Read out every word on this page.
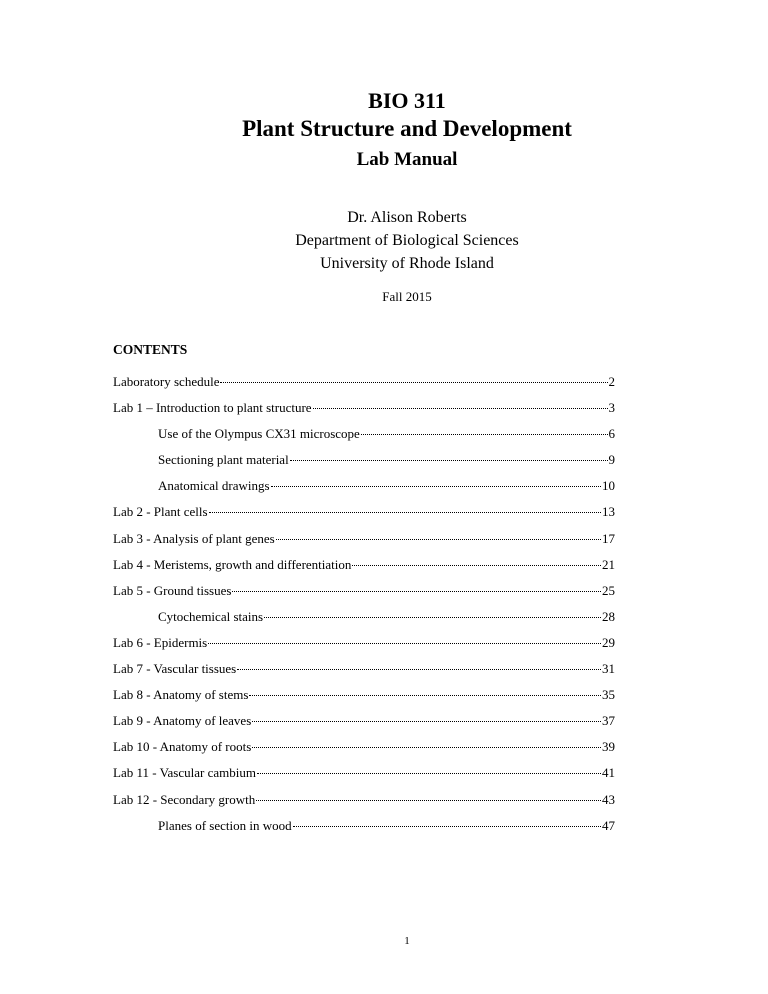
BIO 311
Plant Structure and Development
Lab Manual
Dr. Alison Roberts
Department of Biological Sciences
University of Rhode Island
Fall 2015
CONTENTS
Laboratory schedule	2
Lab 1 – Introduction to plant structure	3
Use of the Olympus CX31 microscope	6
Sectioning plant material	9
Anatomical drawings	10
Lab 2 - Plant cells	13
Lab 3 - Analysis of plant genes	17
Lab 4 - Meristems, growth and differentiation	21
Lab 5 - Ground tissues	25
Cytochemical stains	28
Lab 6 - Epidermis	29
Lab 7 - Vascular tissues	31
Lab 8 - Anatomy of stems	35
Lab 9 - Anatomy of leaves	37
Lab 10 - Anatomy of roots	39
Lab 11 - Vascular cambium	41
Lab 12 - Secondary growth	43
Planes of section in wood	47
1
